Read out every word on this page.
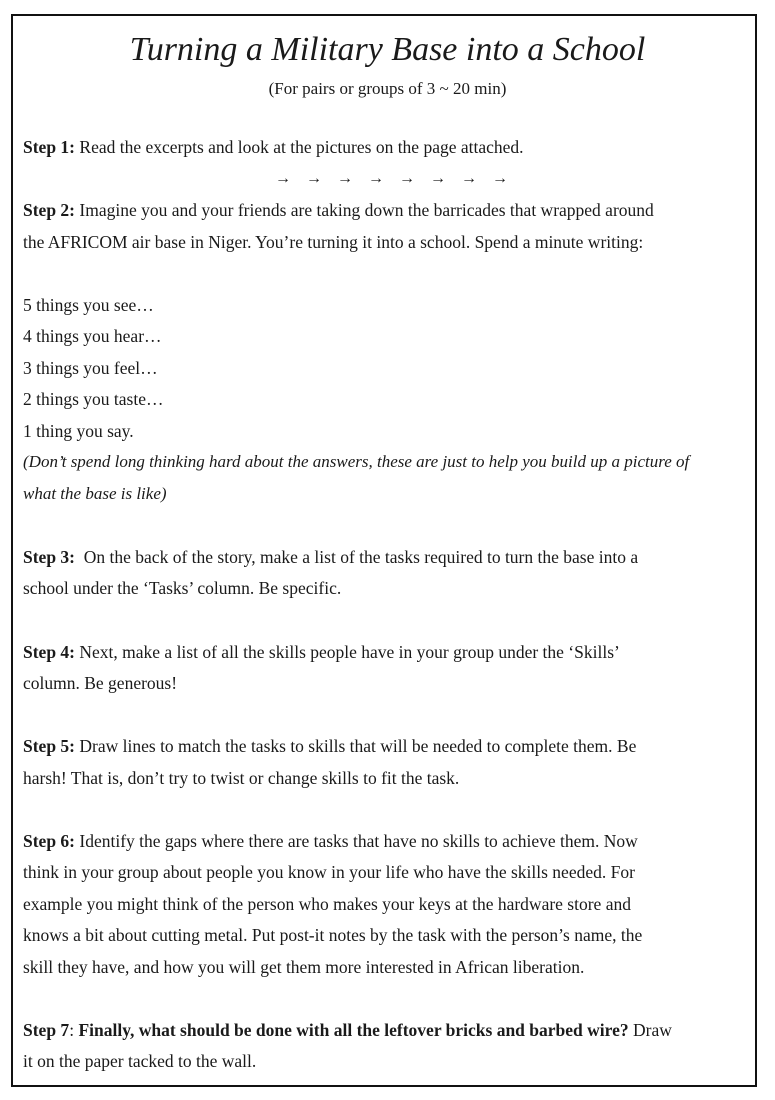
Turning a Military Base into a School
(For pairs or groups of 3 ~ 20 min)
Step 1: Read the excerpts and look at the pictures on the page attached.
→ → → → → → → →
Step 2: Imagine you and your friends are taking down the barricades that wrapped around
the AFRICOM air base in Niger. You’re turning it into a school. Spend a minute writing:
5 things you see…
4 things you hear…
3 things you feel…
2 things you taste…
1 thing you say.
(Don’t spend long thinking hard about the answers, these are just to help you build up a picture of
what the base is like)
Step 3:  On the back of the story, make a list of the tasks required to turn the base into a
school under the ‘Tasks’ column. Be specific.
Step 4: Next, make a list of all the skills people have in your group under the ‘Skills’
column. Be generous!
Step 5: Draw lines to match the tasks to skills that will be needed to complete them. Be
harsh! That is, don’t try to twist or change skills to fit the task.
Step 6: Identify the gaps where there are tasks that have no skills to achieve them. Now
think in your group about people you know in your life who have the skills needed. For
example you might think of the person who makes your keys at the hardware store and
knows a bit about cutting metal. Put post-it notes by the task with the person’s name, the
skill they have, and how you will get them more interested in African liberation.
Step 7: Finally, what should be done with all the leftover bricks and barbed wire? Draw
it on the paper tacked to the wall.
